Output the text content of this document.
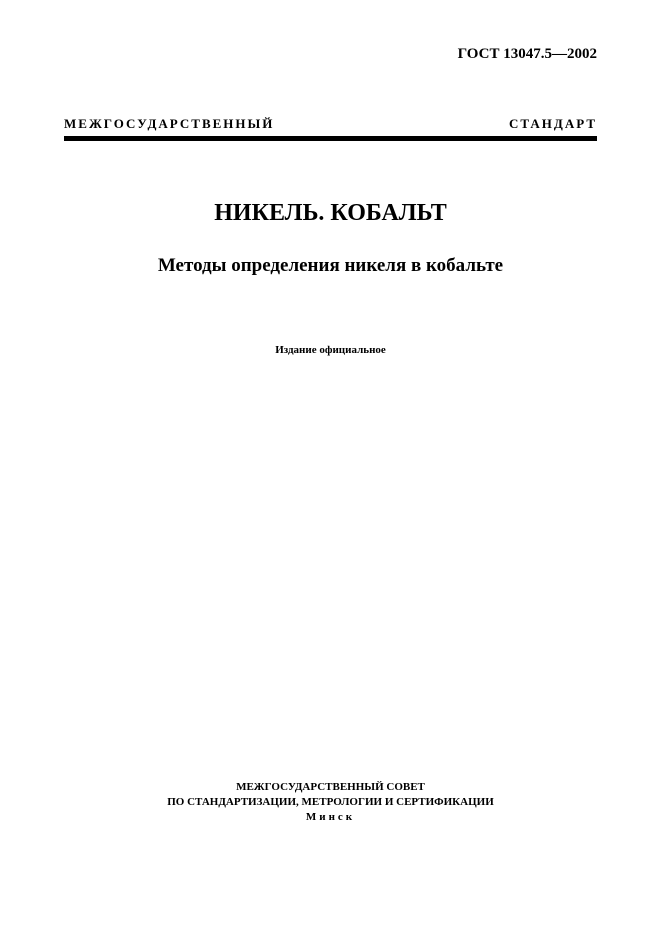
ГОСТ 13047.5—2002
МЕЖГОСУДАРСТВЕННЫЙ СТАНДАРТ
НИКЕЛЬ. КОБАЛЬТ
Методы определения никеля в кобальте
Издание официальное
МЕЖГОСУДАРСТВЕННЫЙ СОВЕТ
ПО СТАНДАРТИЗАЦИИ, МЕТРОЛОГИИ И СЕРТИФИКАЦИИ
Минск
